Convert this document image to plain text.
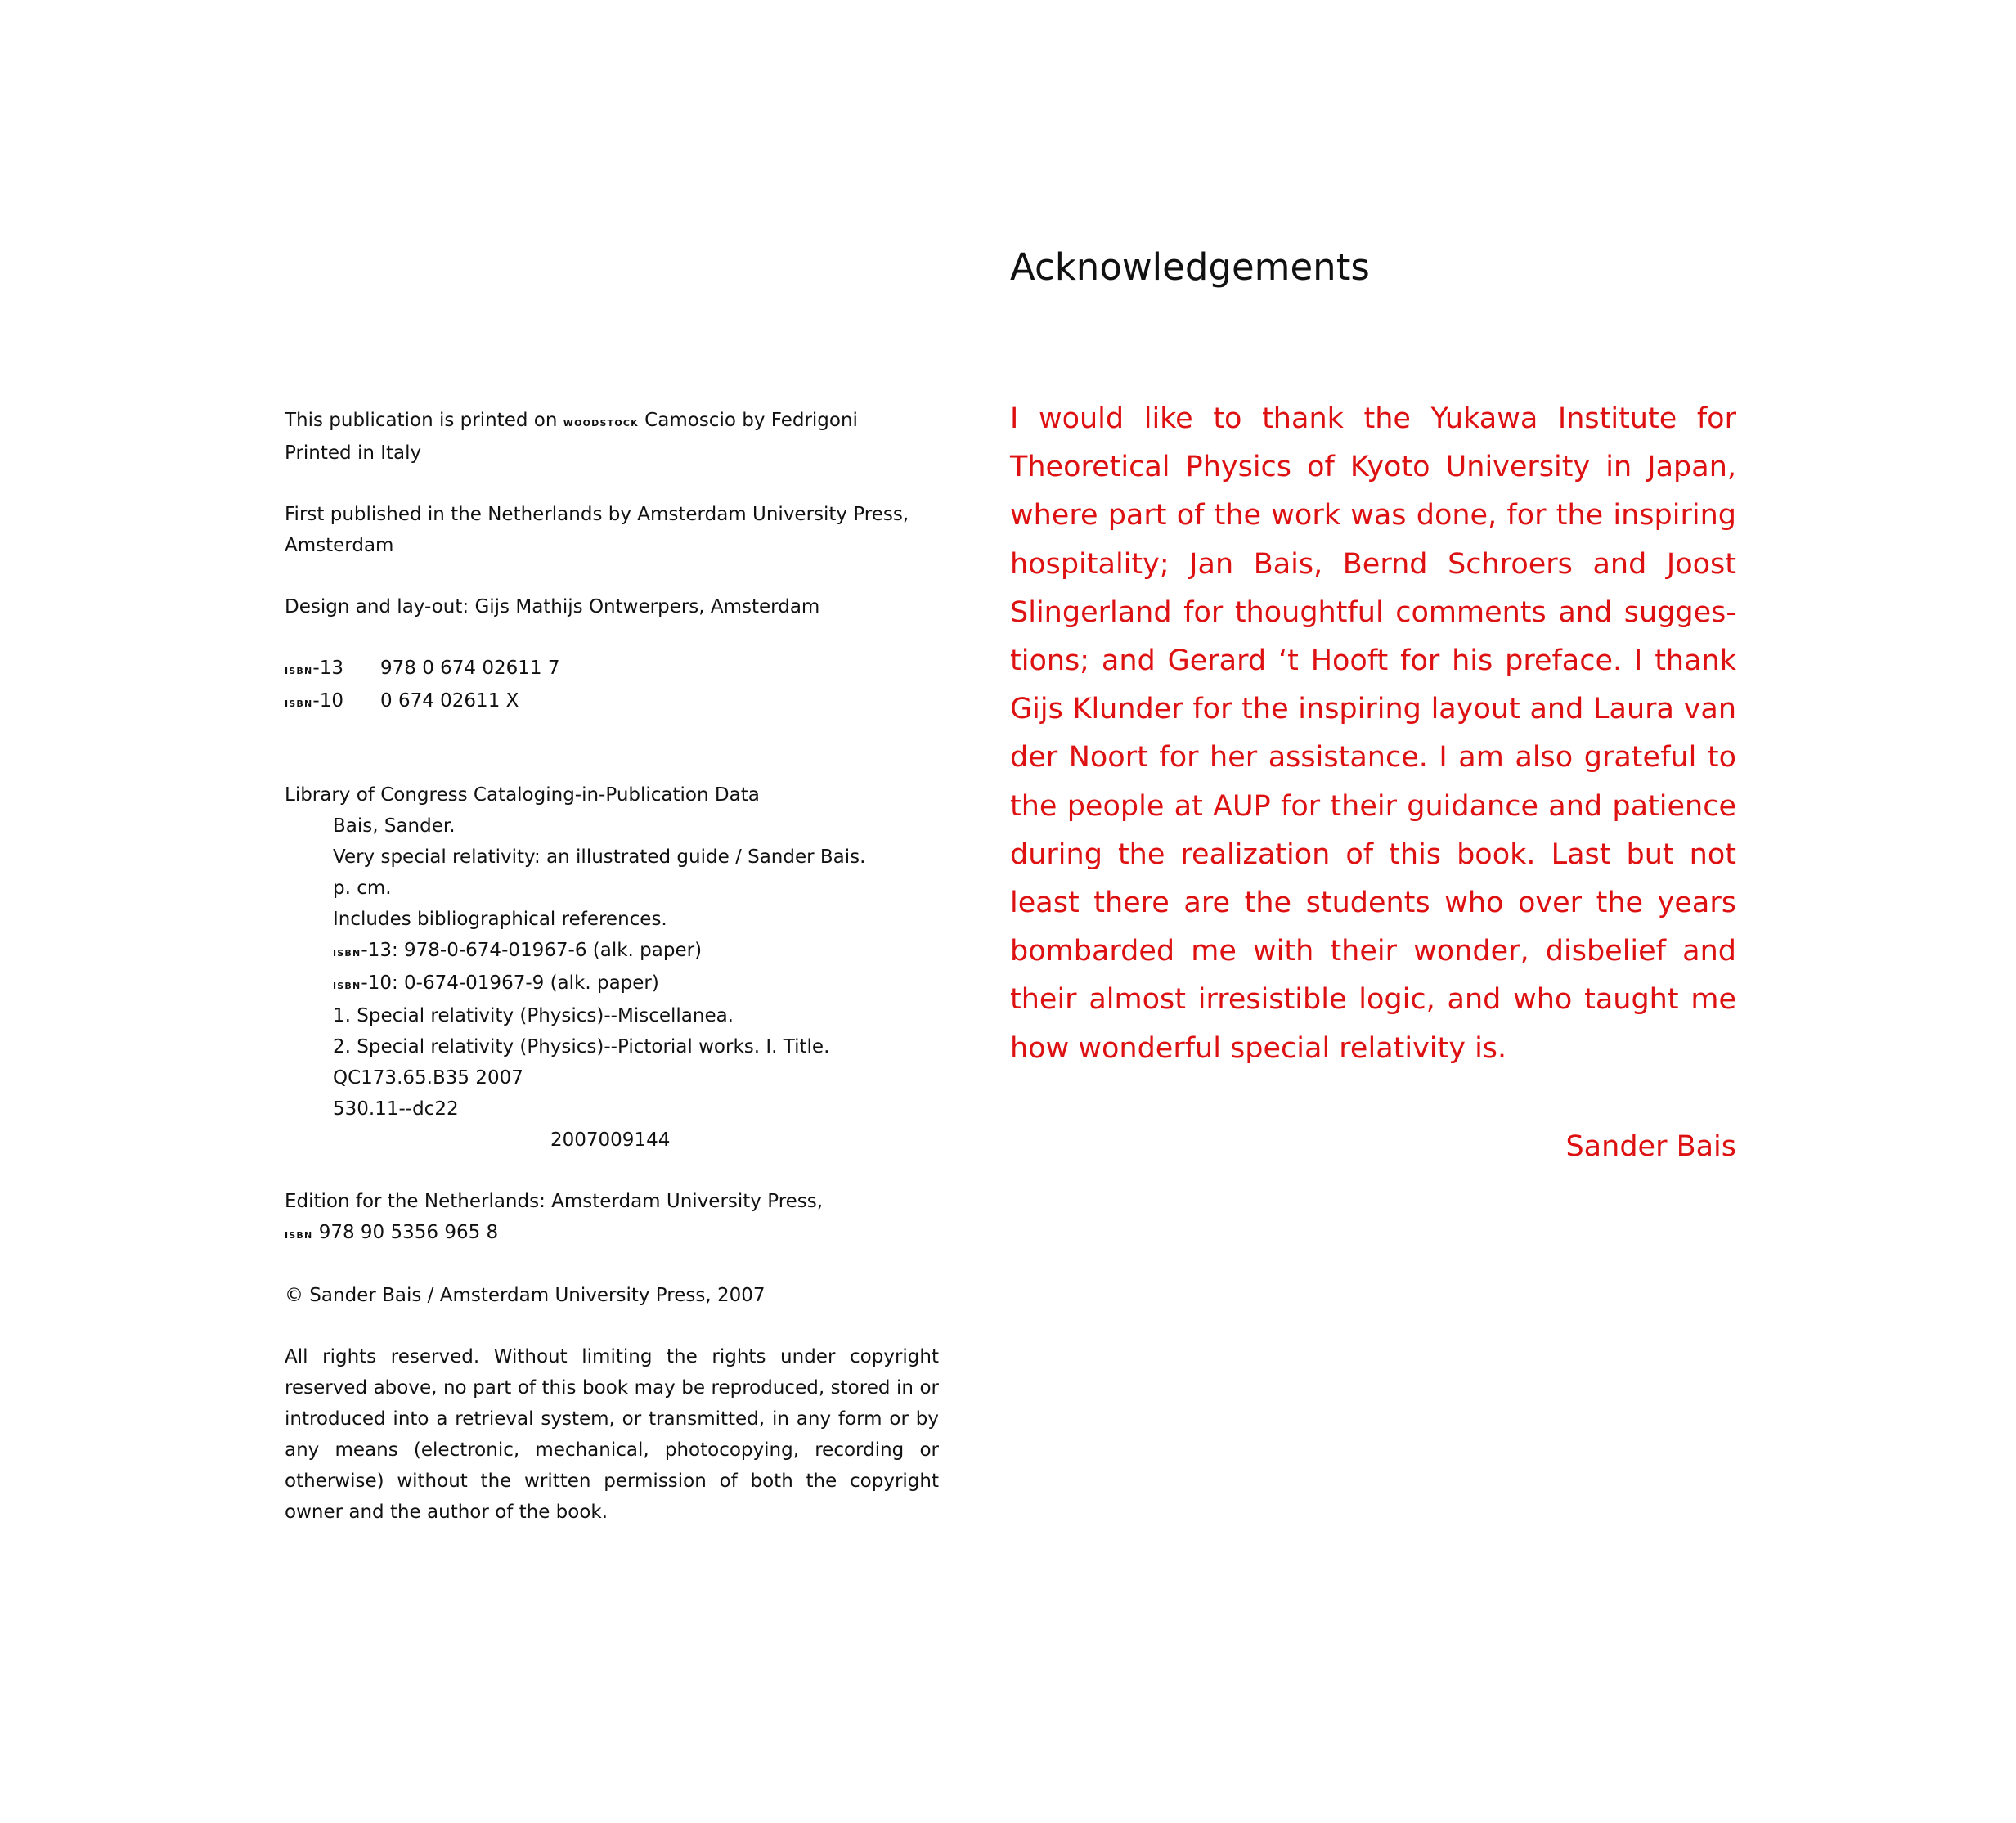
This publication is printed on woodstock Camoscio by Fedrigoni

Printed in Italy

First published in the Netherlands by Amsterdam University Press,

Amsterdam

Design and lay-out: Gijs Mathijs Ontwerpers, Amsterdam

isbn-13	978 0 674 02611 7

isbn-10	0 674 02611 X

Library of Congress Cataloging-in-Publication Data

Bais, Sander.

Very special relativity: an illustrated guide / Sander Bais.

p. cm.

Includes bibliographical references.

isbn-13: 978-0-674-01967-6 (alk. paper)

isbn-10: 0-674-01967-9 (alk. paper)

1. Special relativity (Physics)--Miscellanea.

2. Special relativity (Physics)--Pictorial works. I. Title.

QC173.65.B35 2007

530.11--dc22

2007009144

Edition for the Netherlands: Amsterdam University Press,

isbn 978 90 5356 965 8

© Sander Bais / Amsterdam University Press, 2007

All rights reserved. Without limiting the rights under copyright reserved above, no part of this book may be reproduced, stored in or introduced into a retrieval system, or transmitted, in any form or by any means (electronic, mechanical, photocopying, recording or otherwise) without the written permission of both the copyright owner and the author of the book.

Acknowledgements

I would like to thank the Yukawa Institute for Theoretical Physics of Kyoto University in Japan, where part of the work was done, for the inspiring hospitality; Jan Bais, Bernd Schroers and Joost Slingerland for thoughtful comments and suggestions; and Gerard ‘t Hooft for his preface. I thank Gijs Klunder for the inspiring layout and Laura van der Noort for her assistance. I am also grateful to the people at AUP for their guidance and patience during the realization of this book. Last but not least there are the students who over the years bombarded me with their wonder, disbelief and their almost irresistible logic, and who taught me how wonderful special relativity is.

Sander Bais
